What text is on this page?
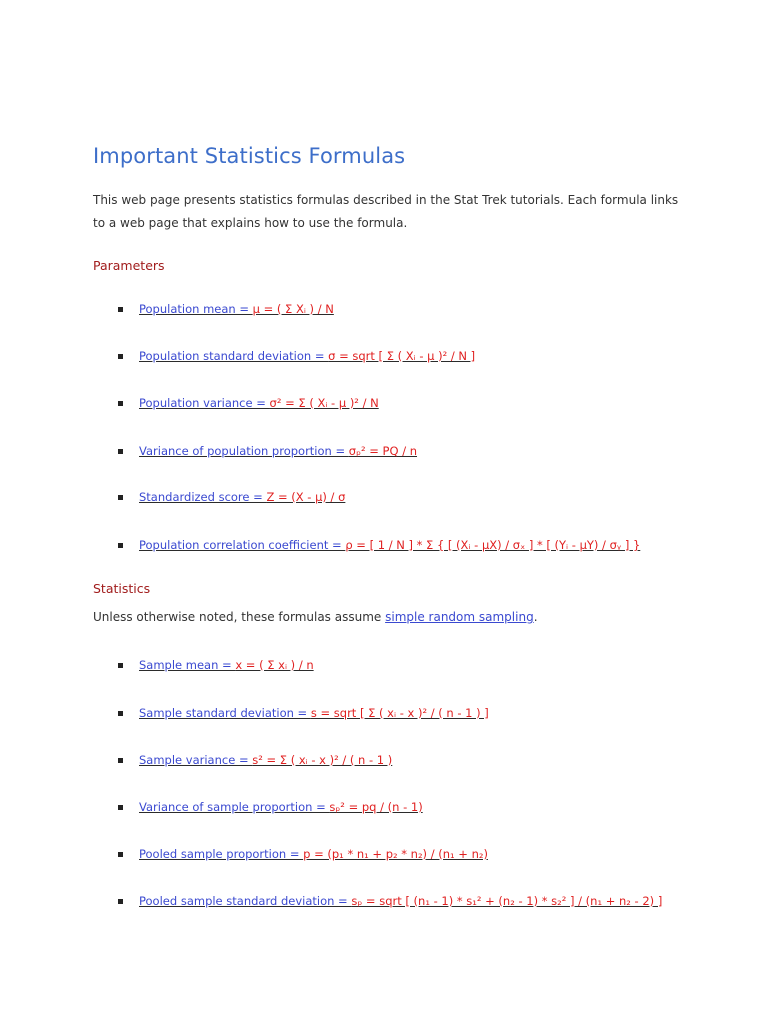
Important Statistics Formulas

This web page presents statistics formulas described in the Stat Trek tutorials. Each formula links to a web page that explains how to use the formula.

Parameters
Population mean = μ = ( Σ Xᵢ ) / N
Population standard deviation = σ = sqrt [ Σ ( Xᵢ - μ )² / N ]
Population variance = σ² = Σ ( Xᵢ - μ )² / N
Variance of population proportion = σₚ² = PQ / n
Standardized score = Z = (X - μ) / σ
Population correlation coefficient = ρ = [ 1 / N ] * Σ { [ (Xᵢ - μX) / σₓ ] * [ (Yᵢ - μY) / σᵧ ] }
Statistics

Unless otherwise noted, these formulas assume simple random sampling.

Sample mean = x = ( Σ xᵢ ) / n
Sample standard deviation = s = sqrt [ Σ ( xᵢ - x )² / ( n - 1 ) ]
Sample variance = s² = Σ ( xᵢ - x )² / ( n - 1 )
Variance of sample proportion = sₚ² = pq / (n - 1)
Pooled sample proportion = p = (p₁ * n₁ + p₂ * n₂) / (n₁ + n₂)
Pooled sample standard deviation = sₚ = sqrt [ (n₁ - 1) * s₁² + (n₂ - 1) * s₂² ] / (n₁ + n₂ - 2) ]
